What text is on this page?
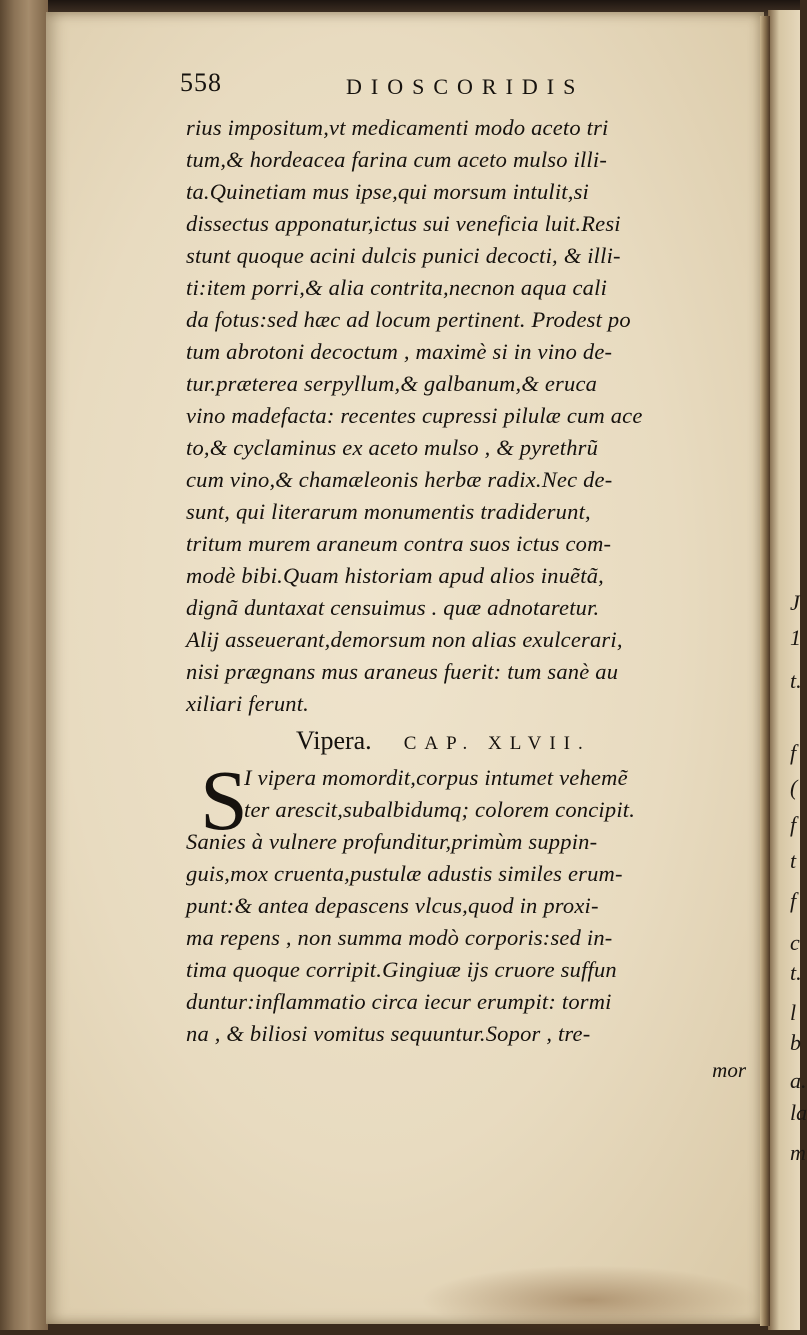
J
1
t.
f
(
f
t
f
c
t.
l
b
a.
la
m
558	DIOSCORIDIS
rius impositum,vt medicamenti modo aceto tri
tum,& hordeacea farina cum aceto mulso illi-
ta.Quinetiam mus ipse,qui morsum intulit,si
dissectus apponatur,ictus sui veneficia luit.Resi
stunt quoque acini dulcis punici decocti, & illi-
ti:item porri,& alia contrita,necnon aqua cali
da fotus:sed hæc ad locum pertinent. Prodest po
tum abrotoni decoctum , maximè si in vino de-
tur.præterea serpyllum,& galbanum,& eruca
vino madefacta: recentes cupressi pilulæ cum ace
to,& cyclaminus ex aceto mulso , & pyrethrũ
cum vino,& chamæleonis herbæ radix.Nec de-
sunt, qui literarum monumentis tradiderunt,
tritum murem araneum contra suos ictus com-
modè bibi.Quam historiam apud alios inuẽtã,
dignã duntaxat censuimus . quæ adnotaretur.
Alij asseuerant,demorsum non alias exulcerari,
nisi prægnans mus araneus fuerit: tum sanè au
xiliari ferunt.
Vipera. CAP. XLVII.
S
I vipera momordit,corpus intumet vehemẽ
ter arescit,subalbidumq; colorem concipit.
Sanies à vulnere profunditur,primùm suppin-
guis,mox cruenta,pustulæ adustis similes erum-
punt:& antea depascens vlcus,quod in proxi-
ma repens , non summa modò corporis:sed in-
tima quoque corripit.Gingiuæ ijs cruore suffun
duntur:inflammatio circa iecur erumpit: tormi
na , & biliosi vomitus sequuntur.Sopor , tre-
mor
